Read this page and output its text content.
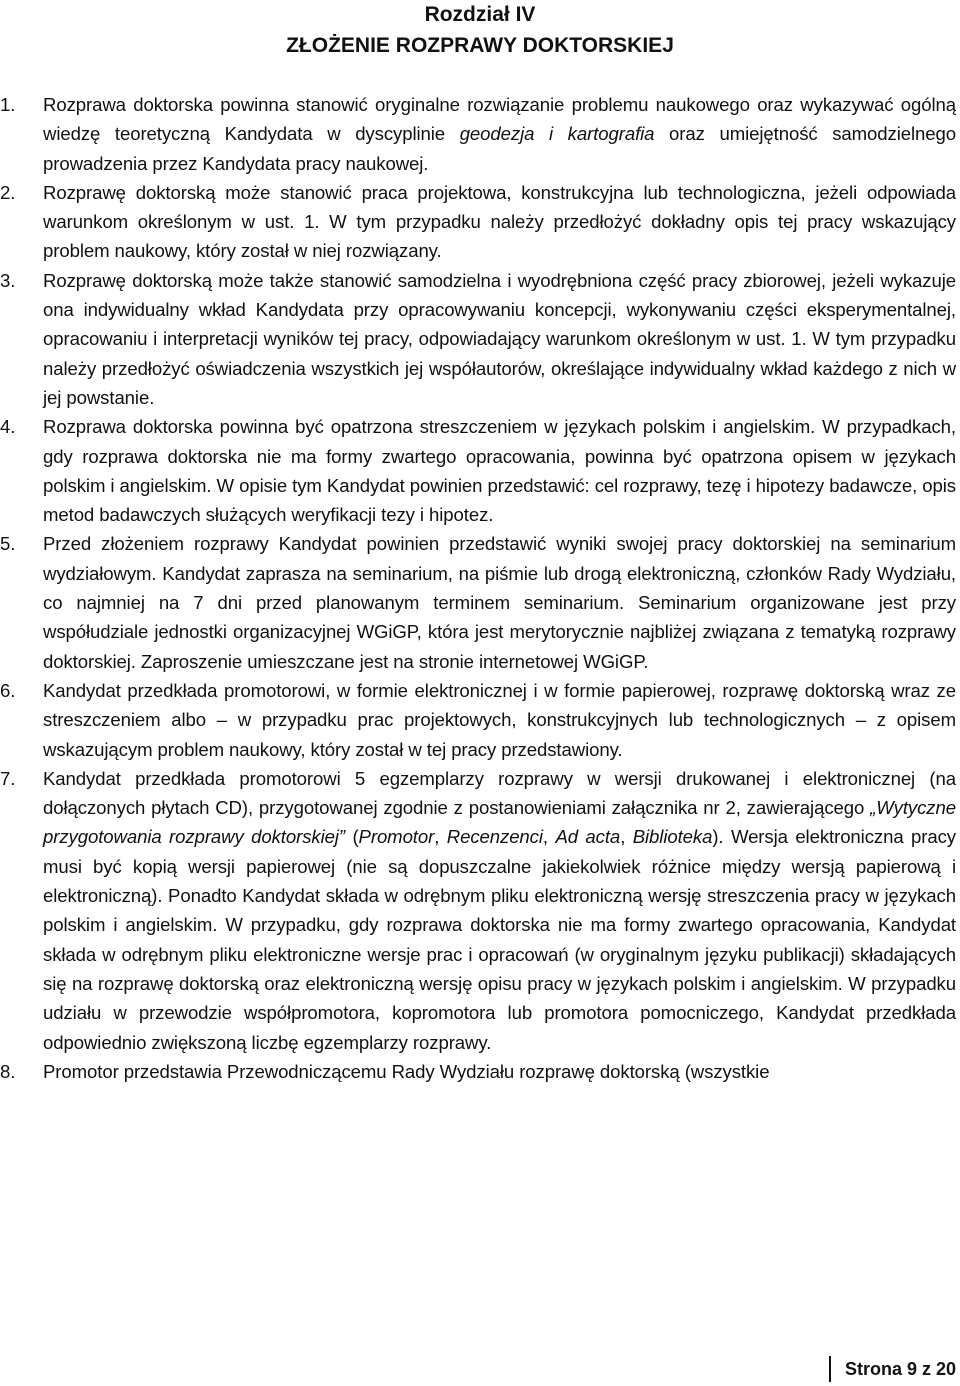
Rozdział IV
ZŁOŻENIE ROZPRAWY DOKTORSKIEJ
1.	Rozprawa doktorska powinna stanowić oryginalne rozwiązanie problemu naukowego oraz wykazywać ogólną wiedzę teoretyczną Kandydata w dyscyplinie geodezja i kartografia oraz umiejętność samodzielnego prowadzenia przez Kandydata pracy naukowej.
2.	Rozprawę doktorską może stanowić praca projektowa, konstrukcyjna lub technologiczna, jeżeli odpowiada warunkom określonym w ust. 1. W tym przypadku należy przedłożyć dokładny opis tej pracy wskazujący problem naukowy, który został w niej rozwiązany.
3.	Rozprawę doktorską może także stanowić samodzielna i wyodrębniona część pracy zbiorowej, jeżeli wykazuje ona indywidualny wkład Kandydata przy opracowywaniu koncepcji, wykonywaniu części eksperymentalnej, opracowaniu i interpretacji wyników tej pracy, odpowiadający warunkom określonym w ust. 1. W tym przypadku należy przedłożyć oświadczenia wszystkich jej współautorów, określające indywidualny wkład każdego z nich w jej powstanie.
4.	Rozprawa doktorska powinna być opatrzona streszczeniem w językach polskim i angielskim. W przypadkach, gdy rozprawa doktorska nie ma formy zwartego opracowania, powinna być opatrzona opisem w językach polskim i angielskim. W opisie tym Kandydat powinien przedstawić: cel rozprawy, tezę i hipotezy badawcze, opis metod badawczych służących weryfikacji tezy i hipotez.
5.	Przed złożeniem rozprawy Kandydat powinien przedstawić wyniki swojej pracy doktorskiej na seminarium wydziałowym. Kandydat zaprasza na seminarium, na piśmie lub drogą elektroniczną, członków Rady Wydziału, co najmniej na 7 dni przed planowanym terminem seminarium. Seminarium organizowane jest przy współudziale jednostki organizacyjnej WGiGP, która jest merytorycznie najbliżej związana z tematyką rozprawy doktorskiej. Zaproszenie umieszczane jest na stronie internetowej WGiGP.
6.	Kandydat przedkłada promotorowi, w formie elektronicznej i w formie papierowej, rozprawę doktorską wraz ze streszczeniem albo – w przypadku prac projektowych, konstrukcyjnych lub technologicznych – z opisem wskazującym problem naukowy, który został w tej pracy przedstawiony.
7.	Kandydat przedkłada promotorowi 5 egzemplarzy rozprawy w wersji drukowanej i elektronicznej (na dołączonych płytach CD), przygotowanej zgodnie z postanowieniami załącznika nr 2, zawierającego „Wytyczne przygotowania rozprawy doktorskiej” (Promotor, Recenzenci, Ad acta, Biblioteka). Wersja elektroniczna pracy musi być kopią wersji papierowej (nie są dopuszczalne jakiekolwiek różnice między wersją papierową i elektroniczną). Ponadto Kandydat składa w odrębnym pliku elektroniczną wersję streszczenia pracy w językach polskim i angielskim. W przypadku, gdy rozprawa doktorska nie ma formy zwartego opracowania, Kandydat składa w odrębnym pliku elektroniczne wersje prac i opracowań (w oryginalnym języku publikacji) składających się na rozprawę doktorską oraz elektroniczną wersję opisu pracy w językach polskim i angielskim. W przypadku udziału w przewodzie współpromotora, kopromotora lub promotora pomocniczego, Kandydat przedkłada odpowiednio zwiększoną liczbę egzemplarzy rozprawy.
8.	Promotor przedstawia Przewodniczącemu Rady Wydziału rozprawę doktorską (wszystkie
Strona 9 z 20
